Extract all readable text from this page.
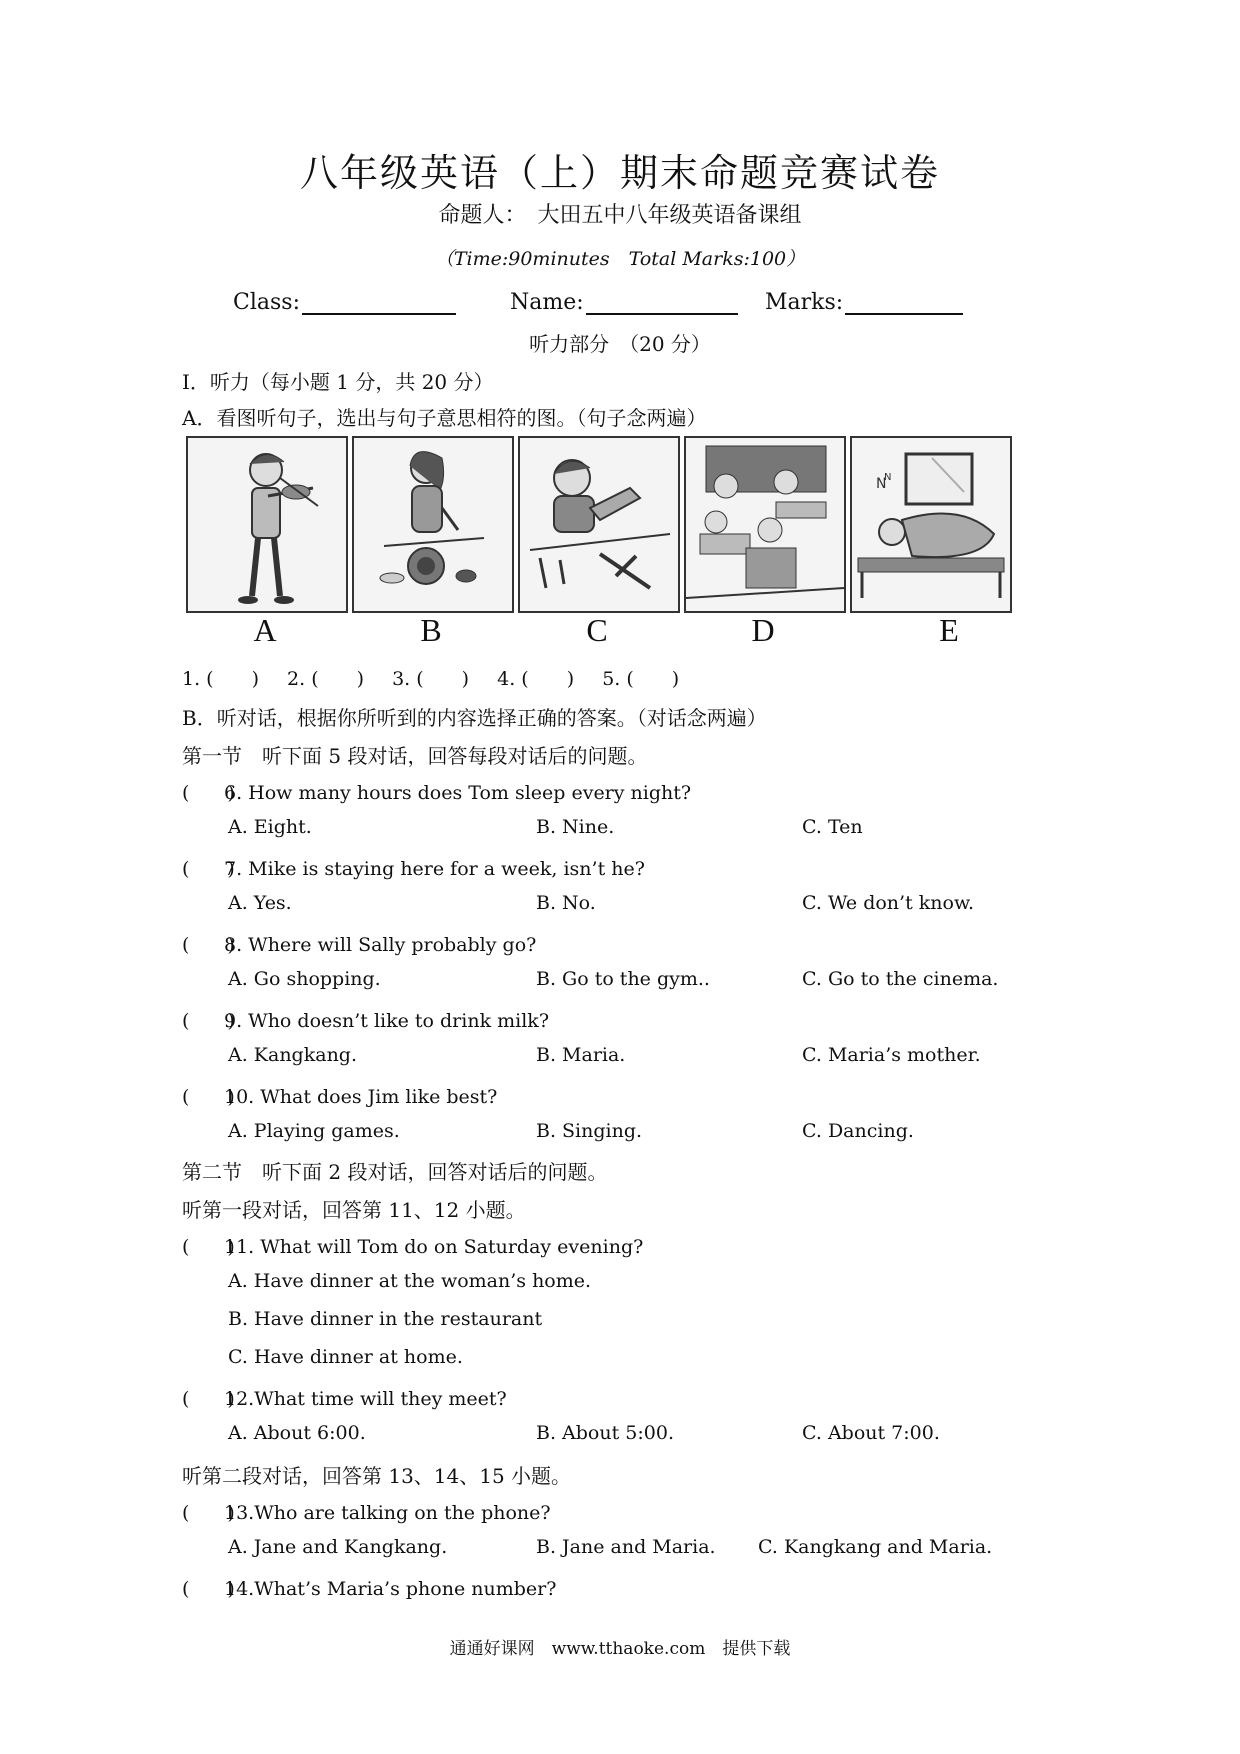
八年级英语（上）期末命题竞赛试卷
命题人：　大田五中八年级英语备课组
（Time:90minutes　Total Marks:100）
Class:	Name:	Marks:
听力部分　（20 分）
I．听力（每小题 1 分，共 20 分）
A．看图听句子，选出与句子意思相符的图。（句子念两遍）
N
N
A	B	C	D	E
1. (　　) 2. (　　) 3. (　　) 4. (　　) 5. (　　)
B．听对话，根据你所听到的内容选择正确的答案。（对话念两遍）
第一节　听下面 5 段对话，回答每段对话后的问题。
(　　)6. How many hours does Tom sleep every night?
A. Eight.	B. Nine.	C. Ten
(　　)7. Mike is staying here for a week, isn’t he?
A. Yes.	B. No.	C. We don’t know.
(　　)8. Where will Sally probably go?
A. Go shopping.	B. Go to the gym..	C. Go to the cinema.
(　　)9. Who doesn’t like to drink milk?
A. Kangkang.	B. Maria.	C. Maria’s mother.
(　　)10. What does Jim like best?
A. Playing games.	B. Singing.	C. Dancing.
第二节　听下面 2 段对话，回答对话后的问题。
听第一段对话，回答第 11、12 小题。
(　　)11. What will Tom do on Saturday evening?
A. Have dinner at the woman’s home.
B. Have dinner in the restaurant
C. Have dinner at home.
(　　)12.What time will they meet?
A. About 6:00.	B. About 5:00.	C. About 7:00.
听第二段对话，回答第 13、14、15 小题。
(　　)13.Who are talking on the phone?
A. Jane and Kangkang.	B. Jane and Maria. C. Kangkang and Maria.
(　　)14.What’s Maria’s phone number?
通通好课网　www.tthaoke.com　提供下载
